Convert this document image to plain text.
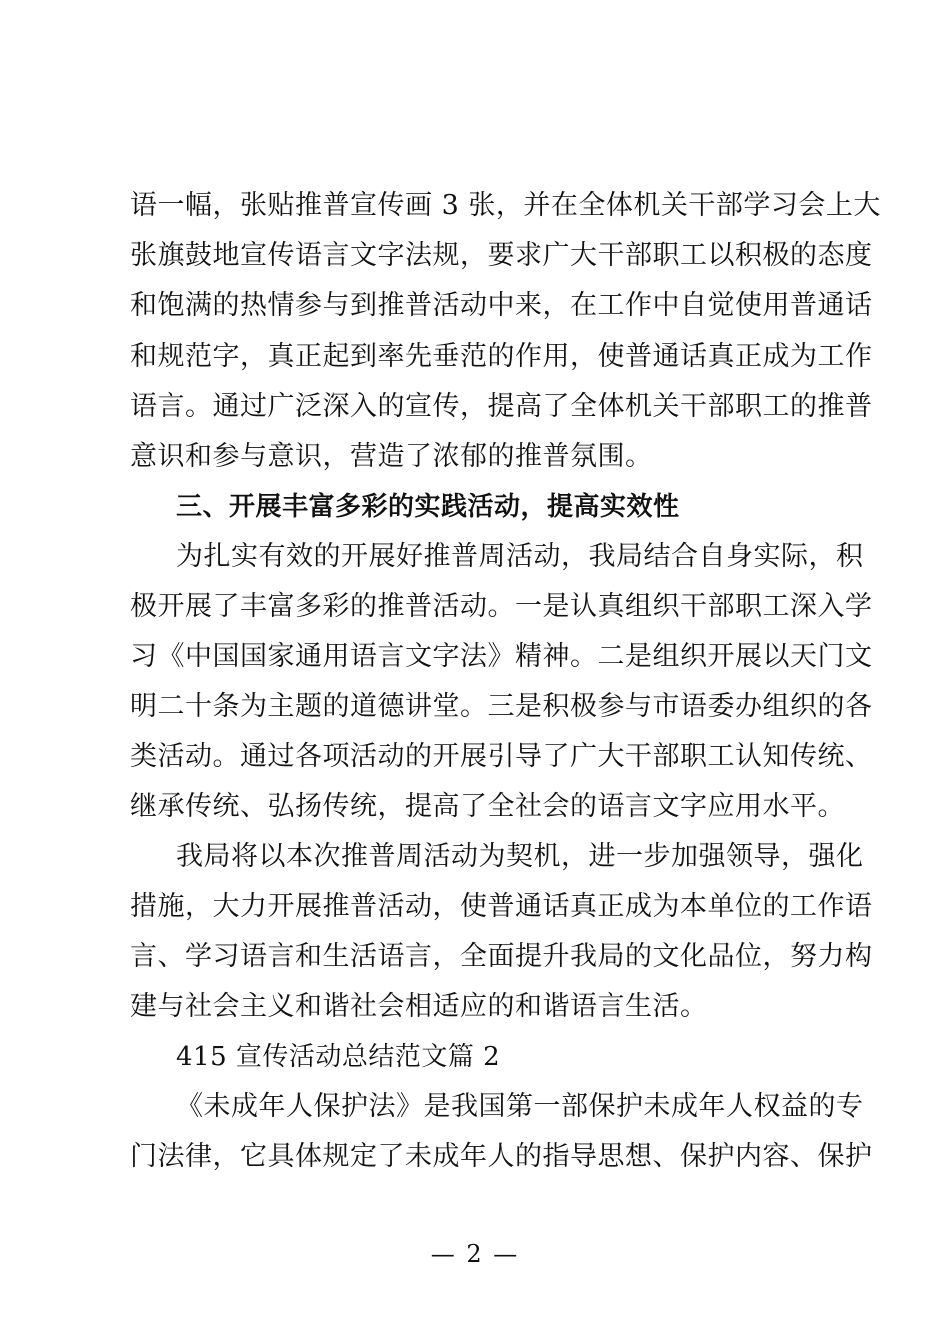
语一幅，张贴推普宣传画 3 张，并在全体机关干部学习会上大
张旗鼓地宣传语言文字法规，要求广大干部职工以积极的态度
和饱满的热情参与到推普活动中来，在工作中自觉使用普通话
和规范字，真正起到率先垂范的作用，使普通话真正成为工作
语言。通过广泛深入的宣传，提高了全体机关干部职工的推普
意识和参与意识，营造了浓郁的推普氛围。
三、开展丰富多彩的实践活动，提高实效性
为扎实有效的开展好推普周活动，我局结合自身实际，积
极开展了丰富多彩的推普活动。一是认真组织干部职工深入学
习《中国国家通用语言文字法》精神。二是组织开展以天门文
明二十条为主题的道德讲堂。三是积极参与市语委办组织的各
类活动。通过各项活动的开展引导了广大干部职工认知传统、
继承传统、弘扬传统，提高了全社会的语言文字应用水平。
我局将以本次推普周活动为契机，进一步加强领导，强化
措施，大力开展推普活动，使普通话真正成为本单位的工作语
言、学习语言和生活语言，全面提升我局的文化品位，努力构
建与社会主义和谐社会相适应的和谐语言生活。
415 宣传活动总结范文篇 2
《未成年人保护法》是我国第一部保护未成年人权益的专
门法律，它具体规定了未成年人的指导思想、保护内容、保护
— 2 —
